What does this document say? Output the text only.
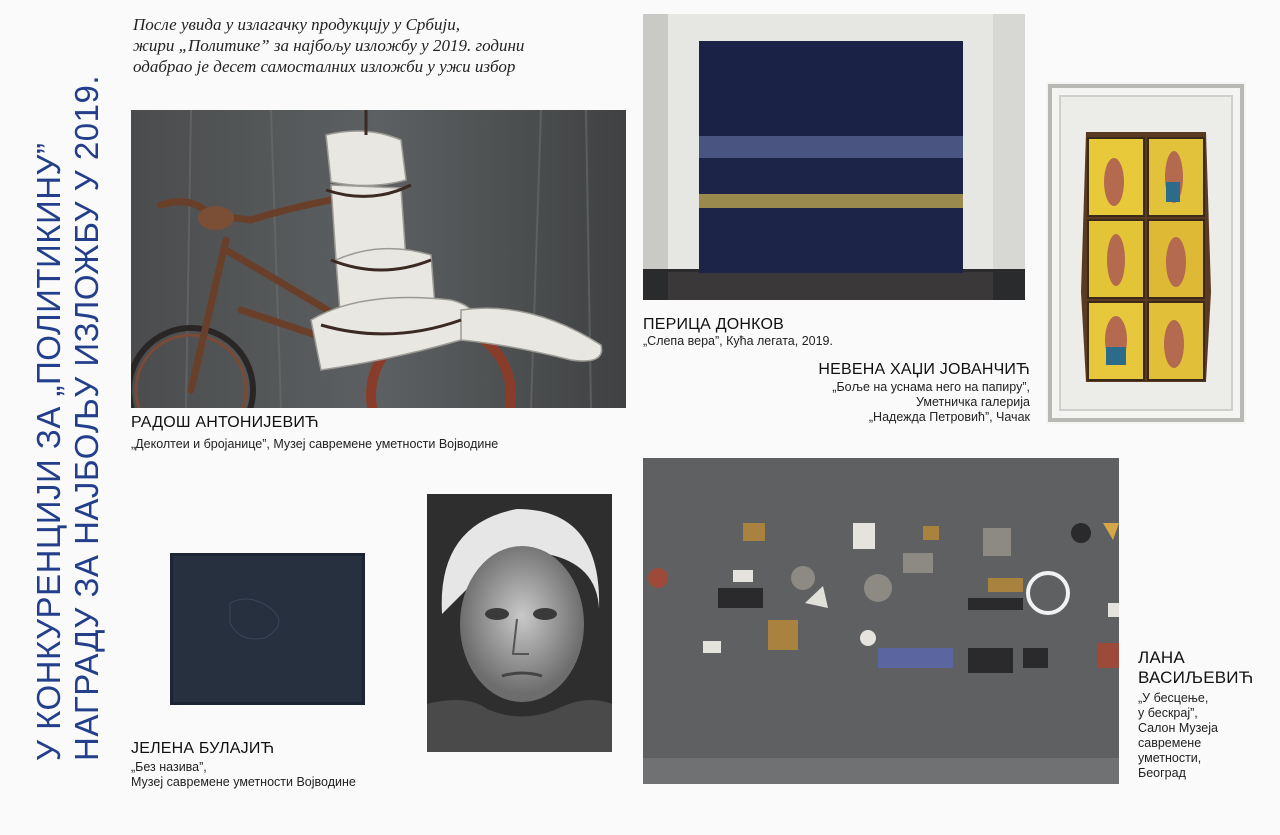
У КОНКУРЕНЦИЈИ ЗА „ПОЛИТИКИНУ” НАГРАДУ ЗА НАЈБОЉУ ИЗЛОЖБУ У 2019.
После увида у излагачку продукцију у Србији,
жири „Политике” за најбољу изложбу у 2019. години
одабрао је десет самосталних изложби у ужи избор
РАДОШ АНТОНИЈЕВИЋ
„Деколтеи и бројанице”, Музеј савремене уметности Војводине
ПЕРИЦА ДОНКОВ
„Слепа вера”, Кућа легата, 2019.
НЕВЕНА ХАЏИ ЈОВАНЧИЋ
„Боље на уснама него на папиру”,
Уметничка галерија
„Надежда Петровић”, Чачак
ЈЕЛЕНА БУЛАЈИЋ
„Без назива”,
Музеј савремене уметности Војводине
ЛАНА
ВАСИЉЕВИЋ
„У бесцење,
у бескрај”,
Салон Музеја
савремене
уметности,
Београд
